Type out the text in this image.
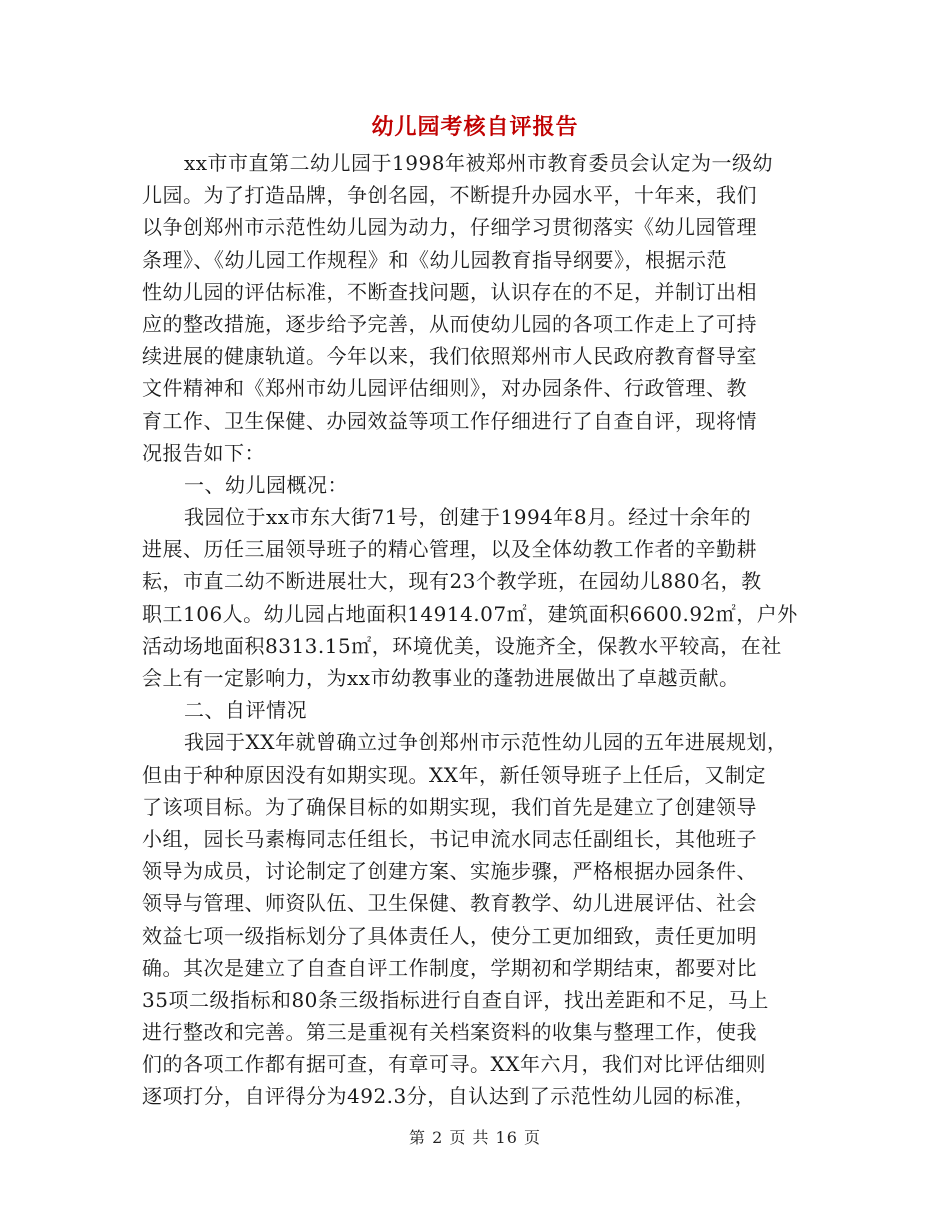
幼儿园考核自评报告
xx市市直第二幼儿园于1998年被郑州市教育委员会认定为一级幼
儿园。为了打造品牌，争创名园，不断提升办园水平，十年来，我们
以争创郑州市示范性幼儿园为动力，仔细学习贯彻落实《幼儿园管理
条理》、《幼儿园工作规程》和《幼儿园教育指导纲要》，根据示范
性幼儿园的评估标准，不断查找问题，认识存在的不足，并制订出相
应的整改措施，逐步给予完善，从而使幼儿园的各项工作走上了可持
续进展的健康轨道。今年以来，我们依照郑州市人民政府教育督导室
文件精神和《郑州市幼儿园评估细则》，对办园条件、行政管理、教
育工作、卫生保健、办园效益等项工作仔细进行了自查自评，现将情
况报告如下：
一、幼儿园概况：
我园位于xx市东大街71号，创建于1994年8月。经过十余年的
进展、历任三届领导班子的精心管理，以及全体幼教工作者的辛勤耕
耘，市直二幼不断进展壮大，现有23个教学班，在园幼儿880名，教
职工106人。幼儿园占地面积14914.07㎡，建筑面积6600.92㎡，户外
活动场地面积8313.15㎡，环境优美，设施齐全，保教水平较高，在社
会上有一定影响力，为xx市幼教事业的蓬勃进展做出了卓越贡献。
二、自评情况
我园于XX年就曾确立过争创郑州市示范性幼儿园的五年进展规划，
但由于种种原因没有如期实现。XX年，新任领导班子上任后，又制定
了该项目标。为了确保目标的如期实现，我们首先是建立了创建领导
小组，园长马素梅同志任组长，书记申流水同志任副组长，其他班子
领导为成员，讨论制定了创建方案、实施步骤，严格根据办园条件、
领导与管理、师资队伍、卫生保健、教育教学、幼儿进展评估、社会
效益七项一级指标划分了具体责任人，使分工更加细致，责任更加明
确。其次是建立了自查自评工作制度，学期初和学期结束，都要对比
35项二级指标和80条三级指标进行自查自评，找出差距和不足，马上
进行整改和完善。第三是重视有关档案资料的收集与整理工作，使我
们的各项工作都有据可查，有章可寻。XX年六月，我们对比评估细则
逐项打分，自评得分为492.3分，自认达到了示范性幼儿园的标准，
第 2 页 共 16 页
